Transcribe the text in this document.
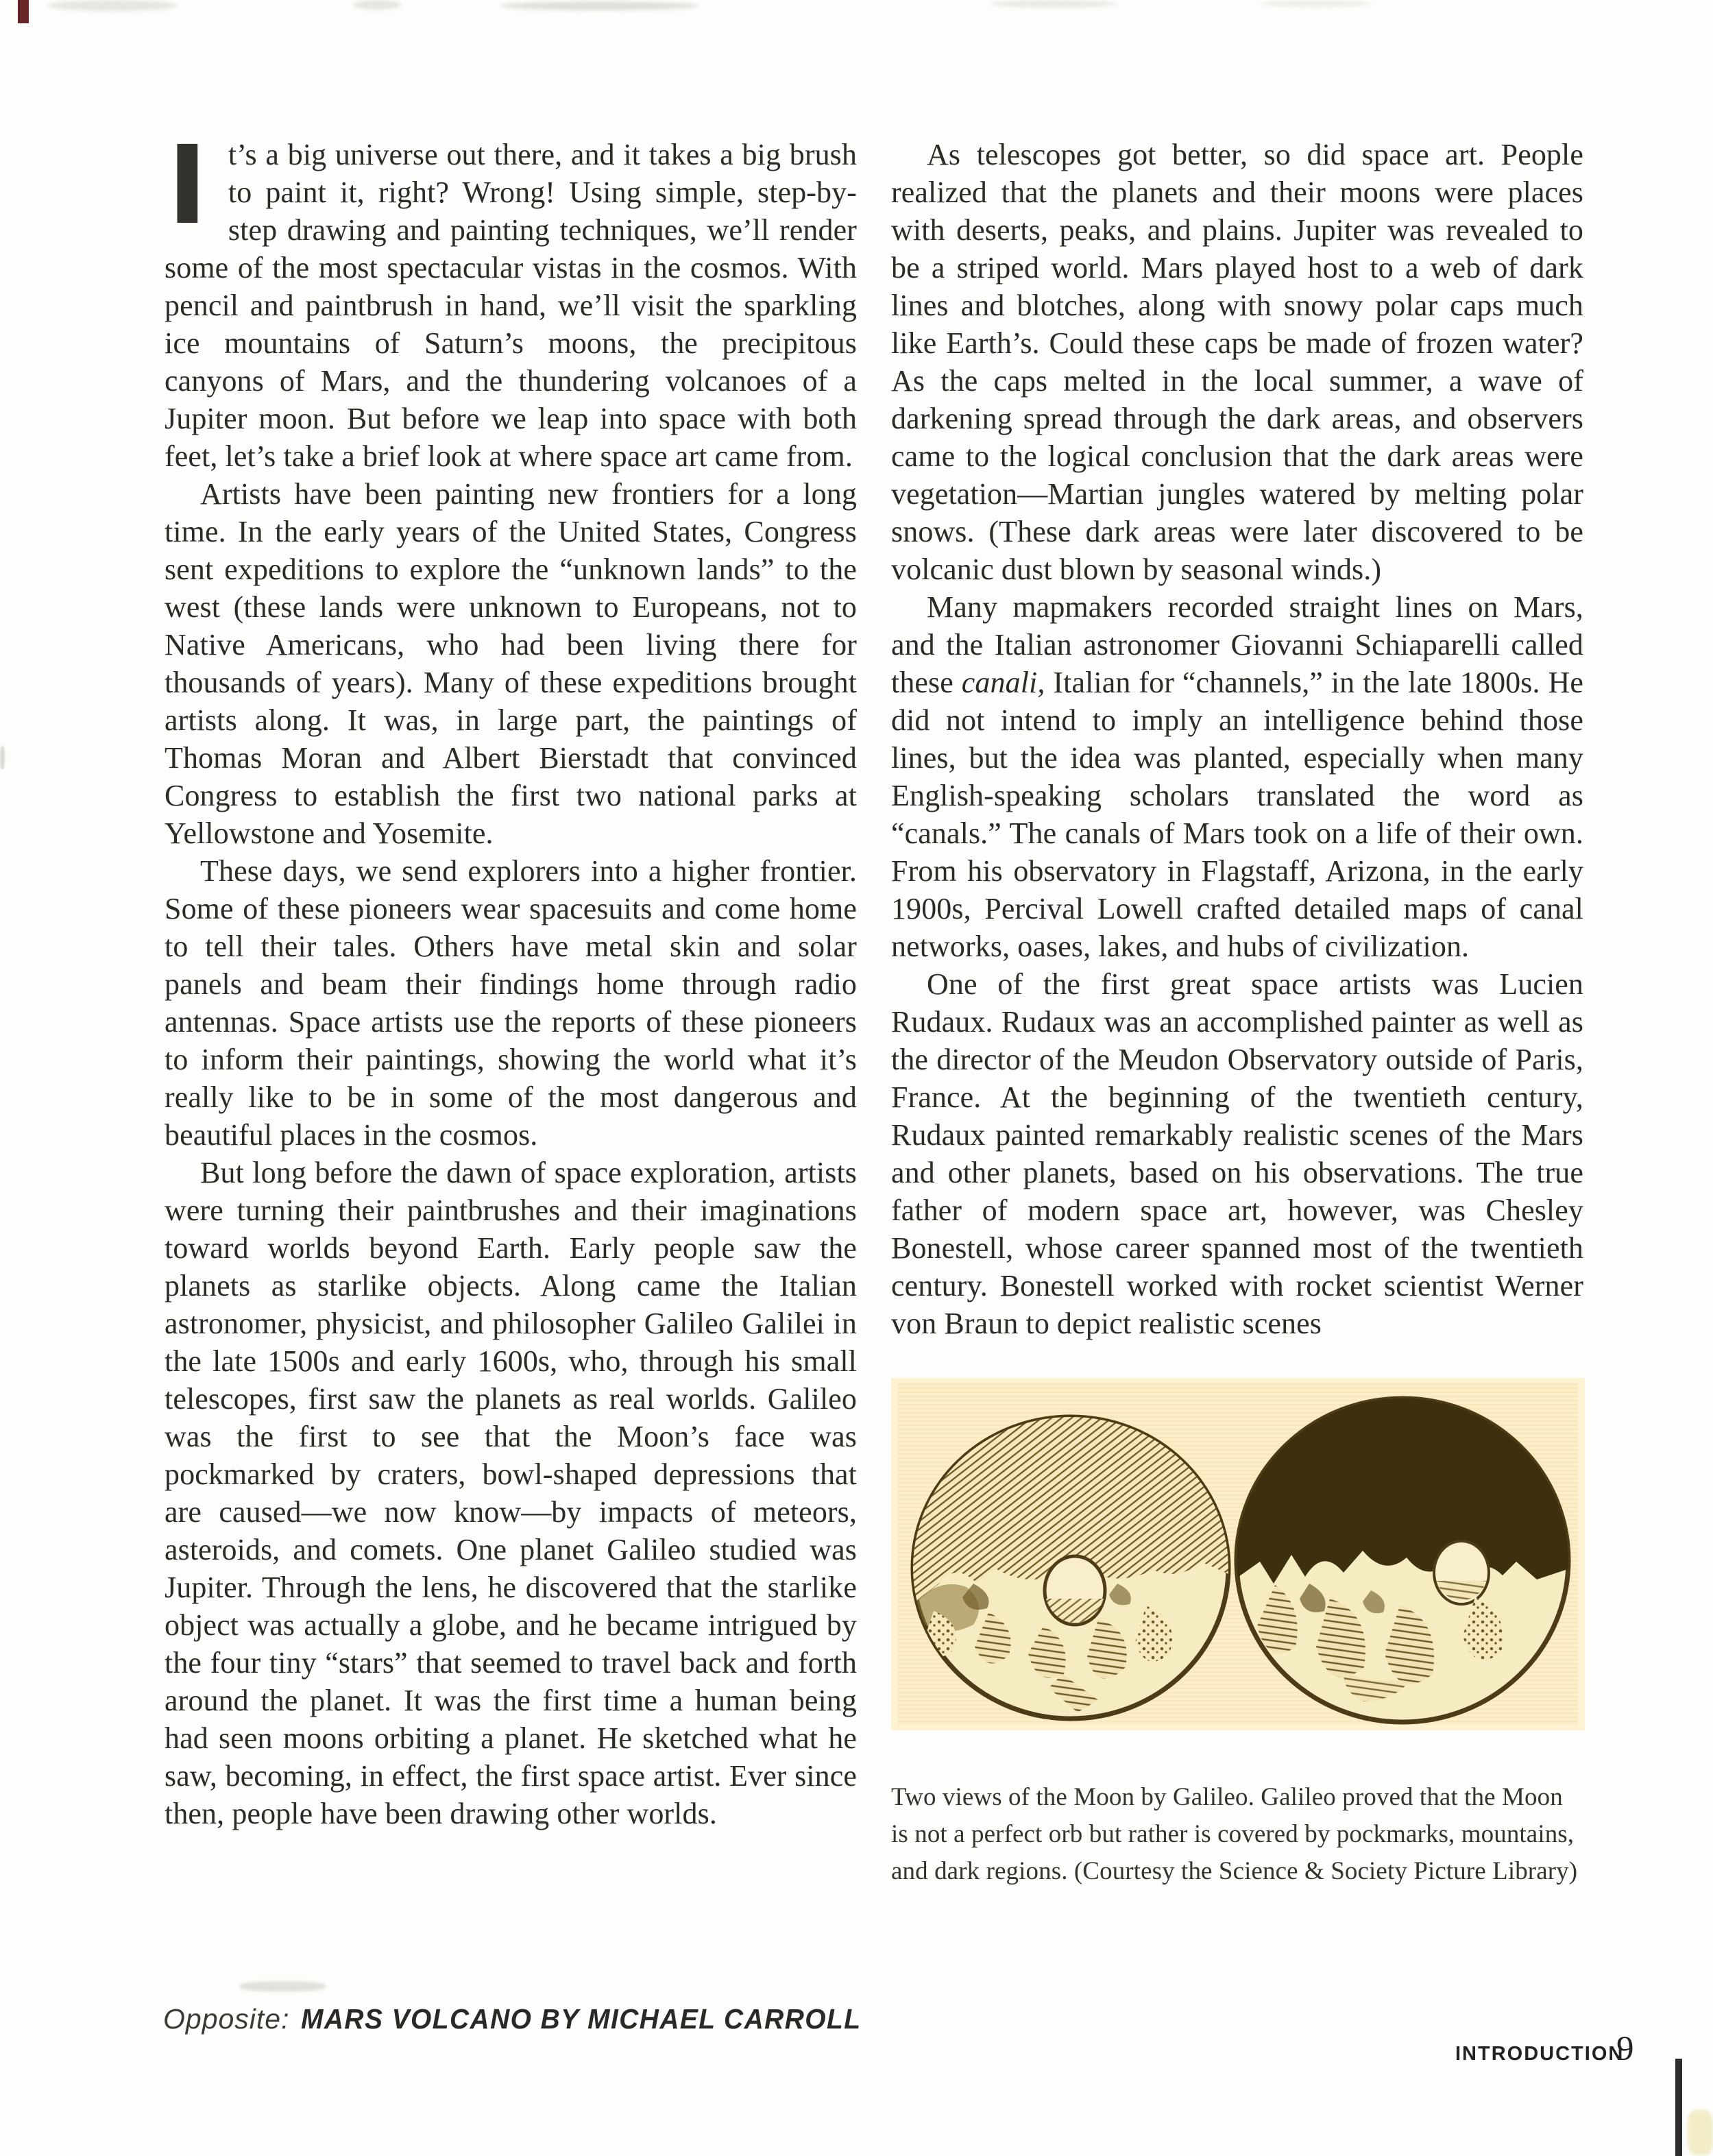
It’s a big universe out there, and it takes a big brush to paint it, right? Wrong! Using simple, step-by-step drawing and painting techniques, we’ll render some of the most spectacular vistas in the cosmos. With pencil and paintbrush in hand, we’ll visit the sparkling ice mountains of Saturn’s moons, the precipitous canyons of Mars, and the thundering volcanoes of a Jupiter moon. But before we leap into space with both feet, let’s take a brief look at where space art came from.

Artists have been painting new frontiers for a long time. In the early years of the United States, Congress sent expeditions to explore the “unknown lands” to the west (these lands were unknown to Europeans, not to Native Americans, who had been living there for thousands of years). Many of these expeditions brought artists along. It was, in large part, the paintings of Thomas Moran and Albert Bierstadt that convinced Congress to establish the first two national parks at Yellowstone and Yosemite.

These days, we send explorers into a higher frontier. Some of these pioneers wear spacesuits and come home to tell their tales. Others have metal skin and solar panels and beam their findings home through radio antennas. Space artists use the reports of these pioneers to inform their paintings, showing the world what it’s really like to be in some of the most dangerous and beautiful places in the cosmos.

But long before the dawn of space exploration, artists were turning their paintbrushes and their imaginations toward worlds beyond Earth. Early people saw the planets as starlike objects. Along came the Italian astronomer, physicist, and philosopher Galileo Galilei in the late 1500s and early 1600s, who, through his small telescopes, first saw the planets as real worlds. Galileo was the first to see that the Moon’s face was pockmarked by craters, bowl-shaped depressions that are caused—we now know—by impacts of meteors, asteroids, and comets. One planet Galileo studied was Jupiter. Through the lens, he discovered that the starlike object was actually a globe, and he became intrigued by the four tiny “stars” that seemed to travel back and forth around the planet. It was the first time a human being had seen moons orbiting a planet. He sketched what he saw, becoming, in effect, the first space artist. Ever since then, people have been drawing other worlds.

As telescopes got better, so did space art. People realized that the planets and their moons were places with deserts, peaks, and plains. Jupiter was revealed to be a striped world. Mars played host to a web of dark lines and blotches, along with snowy polar caps much like Earth’s. Could these caps be made of frozen water? As the caps melted in the local summer, a wave of darkening spread through the dark areas, and observers came to the logical conclusion that the dark areas were vegetation—Martian jungles watered by melting polar snows. (These dark areas were later discovered to be volcanic dust blown by seasonal winds.)

Many mapmakers recorded straight lines on Mars, and the Italian astronomer Giovanni Schiaparelli called these canali, Italian for “channels,” in the late 1800s. He did not intend to imply an intelligence behind those lines, but the idea was planted, especially when many English-speaking scholars translated the word as “canals.” The canals of Mars took on a life of their own. From his observatory in Flagstaff, Arizona, in the early 1900s, Percival Lowell crafted detailed maps of canal networks, oases, lakes, and hubs of civilization.

One of the first great space artists was Lucien Rudaux. Rudaux was an accomplished painter as well as the director of the Meudon Observatory outside of Paris, France. At the beginning of the twentieth century, Rudaux painted remarkably realistic scenes of the Mars and other planets, based on his observations. The true father of modern space art, however, was Chesley Bonestell, whose career spanned most of the twentieth century. Bonestell worked with rocket scientist Werner von Braun to depict realistic scenes

Two views of the Moon by Galileo. Galileo proved that the Moon is not a perfect orb but rather is covered by pockmarks, mountains, and dark regions. (Courtesy the Science & Society Picture Library)
Opposite: MARS VOLCANO BY MICHAEL CARROLL
INTRODUCTION
9
